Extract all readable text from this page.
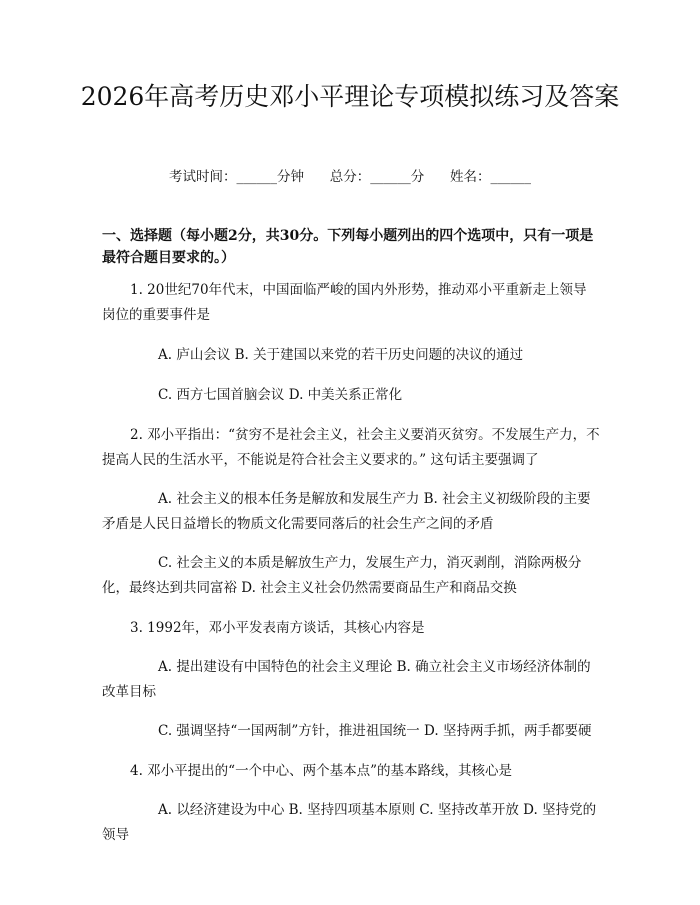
2026年高考历史邓小平理论专项模拟练习及答案
考试时间：______分钟      总分：______分      姓名：______

一、选择题（每小题2分，共30分。下列每小题列出的四个选项中，只有一项是最符合题目要求的。）

1. 20世纪70年代末，中国面临严峻的国内外形势，推动邓小平重新走上领导岗位的重要事件是

A. 庐山会议 B. 关于建国以来党的若干历史问题的决议的通过

C. 西方七国首脑会议 D. 中美关系正常化

2. 邓小平指出：“贫穷不是社会主义，社会主义要消灭贫穷。不发展生产力，不提高人民的生活水平，不能说是符合社会主义要求的。” 这句话主要强调了

A. 社会主义的根本任务是解放和发展生产力 B. 社会主义初级阶段的主要矛盾是人民日益增长的物质文化需要同落后的社会生产之间的矛盾

C. 社会主义的本质是解放生产力，发展生产力，消灭剥削，消除两极分化，最终达到共同富裕 D. 社会主义社会仍然需要商品生产和商品交换

3. 1992年，邓小平发表南方谈话，其核心内容是

A. 提出建设有中国特色的社会主义理论 B. 确立社会主义市场经济体制的改革目标

C. 强调坚持“一国两制”方针，推进祖国统一 D. 坚持两手抓，两手都要硬

4. 邓小平提出的“一个中心、两个基本点”的基本路线，其核心是

A. 以经济建设为中心 B. 坚持四项基本原则 C. 坚持改革开放 D. 坚持党的领导
